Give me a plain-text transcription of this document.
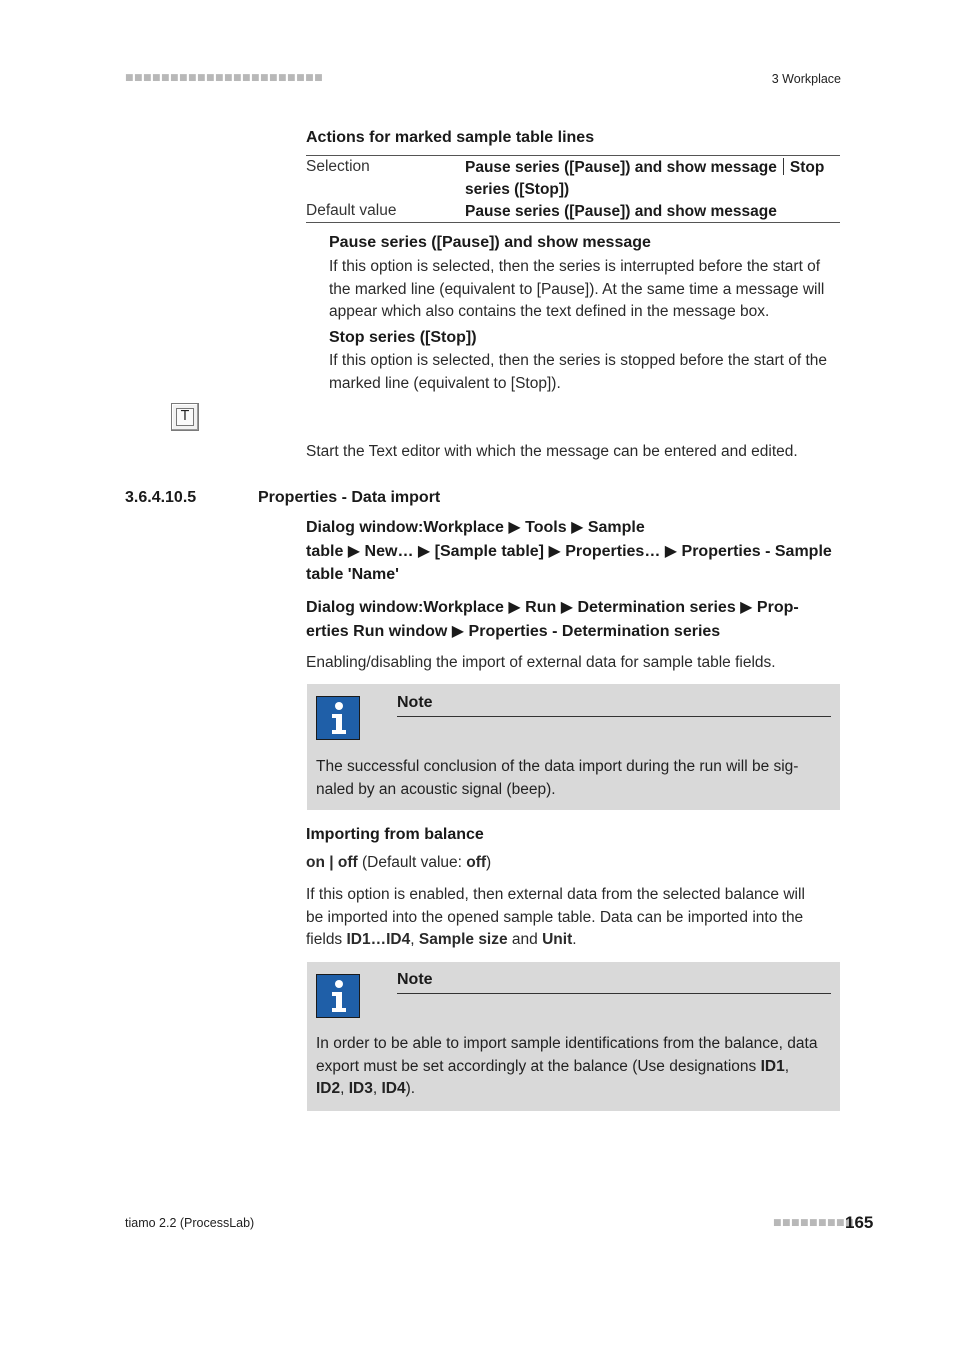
■■■■■■■■■■■■■■■■■■■■■■	3 Workplace
Actions for marked sample table lines
Selection	Pause series ([Pause]) and show message Stop
series ([Stop])
Default value	Pause series ([Pause]) and show message
Pause series ([Pause]) and show message
If this option is selected, then the series is interrupted before the start of
the marked line (equivalent to [Pause]). At the same time a message will
appear which also contains the text defined in the message box.
Stop series ([Stop])
If this option is selected, then the series is stopped before the start of the
marked line (equivalent to [Stop]).
T
Start the Text editor with which the message can be entered and edited.
3.6.4.10.5	Properties - Data import
Dialog window:Workplace ▶ Tools ▶ Sample
table ▶ New… ▶ [Sample table] ▶ Properties… ▶ Properties - Sample
table 'Name'
Dialog window:Workplace ▶ Run ▶ Determination series ▶ Prop-
erties Run window ▶ Properties - Determination series
Enabling/disabling the import of external data for sample table fields.
Note
The successful conclusion of the data import during the run will be sig-
naled by an acoustic signal (beep).
Importing from balance
on | off (Default value: off)
If this option is enabled, then external data from the selected balance will
be imported into the opened sample table. Data can be imported into the
fields ID1…ID4, Sample size and Unit.
Note
In order to be able to import sample identifications from the balance, data
export must be set accordingly at the balance (Use designations ID1,
ID2, ID3, ID4).
tiamo 2.2 (ProcessLab)	■■■■■■■■■
165
